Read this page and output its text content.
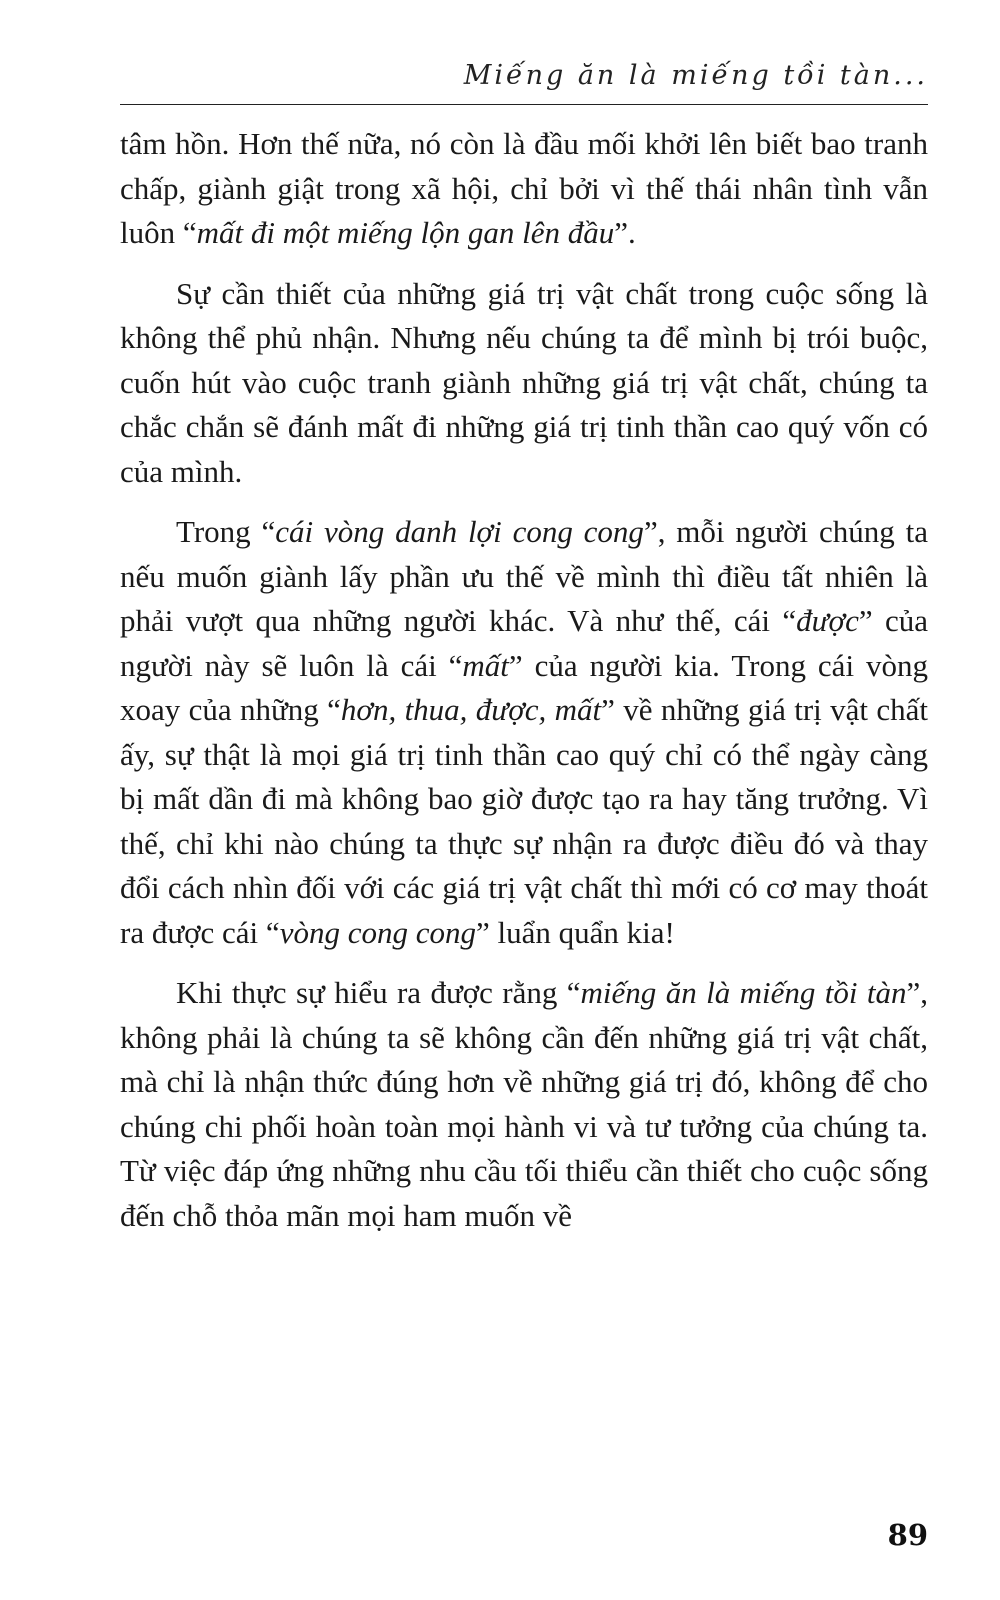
Miếng ăn là miếng tồi tàn...

tâm hồn. Hơn thế nữa, nó còn là đầu mối khởi lên biết bao tranh chấp, giành giật trong xã hội, chỉ bởi vì thế thái nhân tình vẫn luôn “mất đi một miếng lộn gan lên đầu”.

Sự cần thiết của những giá trị vật chất trong cuộc sống là không thể phủ nhận. Nhưng nếu chúng ta để mình bị trói buộc, cuốn hút vào cuộc tranh giành những giá trị vật chất, chúng ta chắc chắn sẽ đánh mất đi những giá trị tinh thần cao quý vốn có của mình.

Trong “cái vòng danh lợi cong cong”, mỗi người chúng ta nếu muốn giành lấy phần ưu thế về mình thì điều tất nhiên là phải vượt qua những người khác. Và như thế, cái “được” của người này sẽ luôn là cái “mất” của người kia. Trong cái vòng xoay của những “hơn, thua, được, mất” về những giá trị vật chất ấy, sự thật là mọi giá trị tinh thần cao quý chỉ có thể ngày càng bị mất dần đi mà không bao giờ được tạo ra hay tăng trưởng. Vì thế, chỉ khi nào chúng ta thực sự nhận ra được điều đó và thay đổi cách nhìn đối với các giá trị vật chất thì mới có cơ may thoát ra được cái “vòng cong cong” luẩn quẩn kia!

Khi thực sự hiểu ra được rằng “miếng ăn là miếng tồi tàn”, không phải là chúng ta sẽ không cần đến những giá trị vật chất, mà chỉ là nhận thức đúng hơn về những giá trị đó, không để cho chúng chi phối hoàn toàn mọi hành vi và tư tưởng của chúng ta. Từ việc đáp ứng những nhu cầu tối thiểu cần thiết cho cuộc sống đến chỗ thỏa mãn mọi ham muốn về

89
